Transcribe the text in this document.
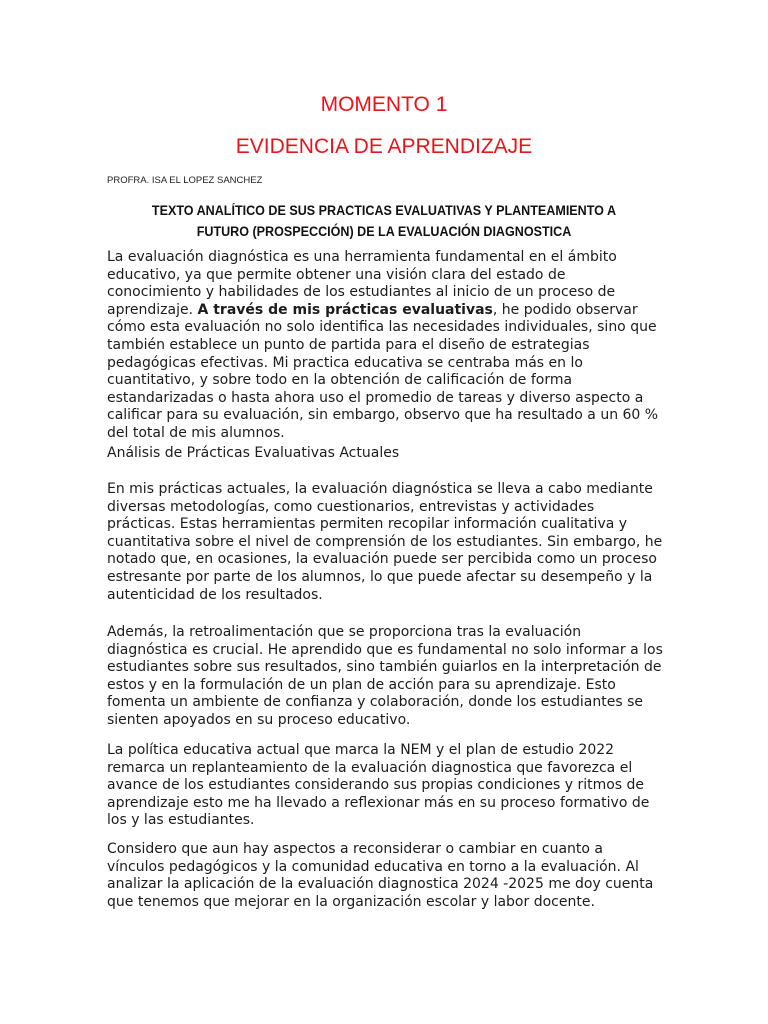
MOMENTO 1
EVIDENCIA DE APRENDIZAJE

PROFRA. ISA EL LOPEZ SANCHEZ

TEXTO ANALÍTICO DE SUS PRACTICAS EVALUATIVAS Y PLANTEAMIENTO A FUTURO (PROSPECCIÓN) DE LA EVALUACIÓN DIAGNOSTICA

La evaluación diagnóstica es una herramienta fundamental en el ámbito educativo, ya que permite obtener una visión clara del estado de conocimiento y habilidades de los estudiantes al inicio de un proceso de aprendizaje. A través de mis prácticas evaluativas, he podido observar cómo esta evaluación no solo identifica las necesidades individuales, sino que también establece un punto de partida para el diseño de estrategias pedagógicas efectivas. Mi practica educativa se centraba más en lo cuantitativo, y sobre todo en la obtención de calificación de forma estandarizadas o hasta ahora uso el promedio de tareas y diverso aspecto a calificar para su evaluación, sin embargo, observo que ha resultado a un 60 % del total de mis alumnos.

Análisis de Prácticas Evaluativas Actuales

En mis prácticas actuales, la evaluación diagnóstica se lleva a cabo mediante diversas metodologías, como cuestionarios, entrevistas y actividades prácticas. Estas herramientas permiten recopilar información cualitativa y cuantitativa sobre el nivel de comprensión de los estudiantes. Sin embargo, he notado que, en ocasiones, la evaluación puede ser percibida como un proceso estresante por parte de los alumnos, lo que puede afectar su desempeño y la autenticidad de los resultados.

Además, la retroalimentación que se proporciona tras la evaluación diagnóstica es crucial. He aprendido que es fundamental no solo informar a los estudiantes sobre sus resultados, sino también guiarlos en la interpretación de estos y en la formulación de un plan de acción para su aprendizaje. Esto fomenta un ambiente de confianza y colaboración, donde los estudiantes se sienten apoyados en su proceso educativo.

La política educativa actual que marca la NEM y el plan de estudio 2022 remarca un replanteamiento de la evaluación diagnostica que favorezca el avance de los estudiantes considerando sus propias condiciones y ritmos de aprendizaje esto me ha llevado a reflexionar más en su proceso formativo de los y las estudiantes.

Considero que aun hay aspectos a reconsiderar o cambiar en cuanto a vínculos pedagógicos y la comunidad educativa en torno a la evaluación. Al analizar la aplicación de la evaluación diagnostica 2024 -2025 me doy cuenta que tenemos que mejorar en la organización escolar y labor docente.
